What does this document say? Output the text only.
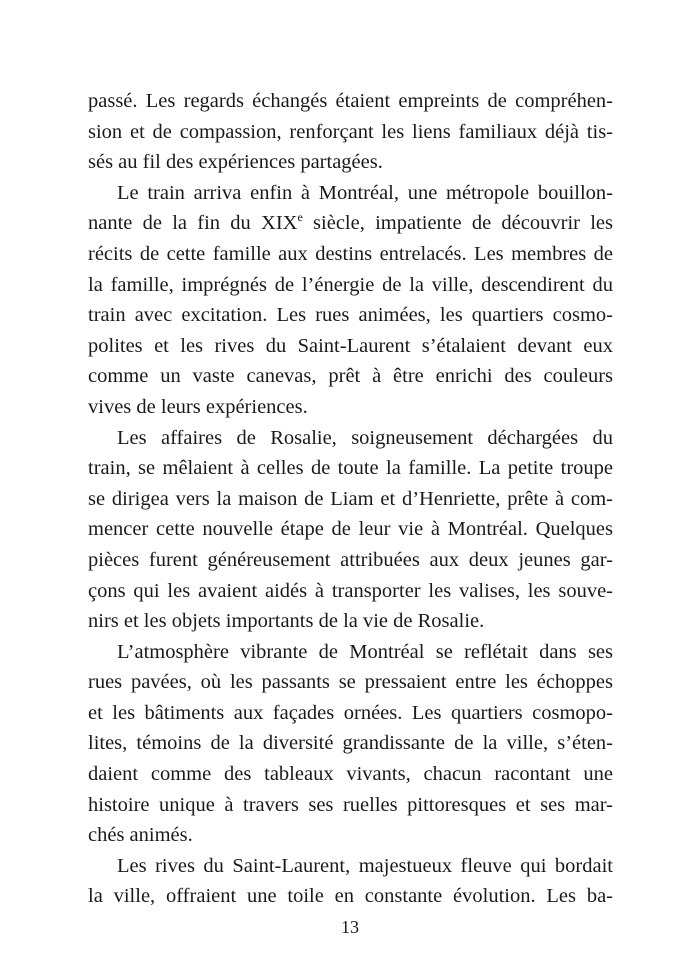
passé. Les regards échangés étaient empreints de compréhen-
sion et de compassion, renforçant les liens familiaux déjà tis-
sés au fil des expériences partagées.
Le train arriva enfin à Montréal, une métropole bouillon-
nante de la fin du XIXe siècle, impatiente de découvrir les
récits de cette famille aux destins entrelacés. Les membres de
la famille, imprégnés de l’énergie de la ville, descendirent du
train avec excitation. Les rues animées, les quartiers cosmo-
polites et les rives du Saint-Laurent s’étalaient devant eux
comme un vaste canevas, prêt à être enrichi des couleurs
vives de leurs expériences.
Les affaires de Rosalie, soigneusement déchargées du
train, se mêlaient à celles de toute la famille. La petite troupe
se dirigea vers la maison de Liam et d’Henriette, prête à com-
mencer cette nouvelle étape de leur vie à Montréal. Quelques
pièces furent généreusement attribuées aux deux jeunes gar-
çons qui les avaient aidés à transporter les valises, les souve-
nirs et les objets importants de la vie de Rosalie.
L’atmosphère vibrante de Montréal se reflétait dans ses
rues pavées, où les passants se pressaient entre les échoppes
et les bâtiments aux façades ornées. Les quartiers cosmopo-
lites, témoins de la diversité grandissante de la ville, s’éten-
daient comme des tableaux vivants, chacun racontant une
histoire unique à travers ses ruelles pittoresques et ses mar-
chés animés.
Les rives du Saint-Laurent, majestueux fleuve qui bordait
la ville, offraient une toile en constante évolution. Les ba-
13
